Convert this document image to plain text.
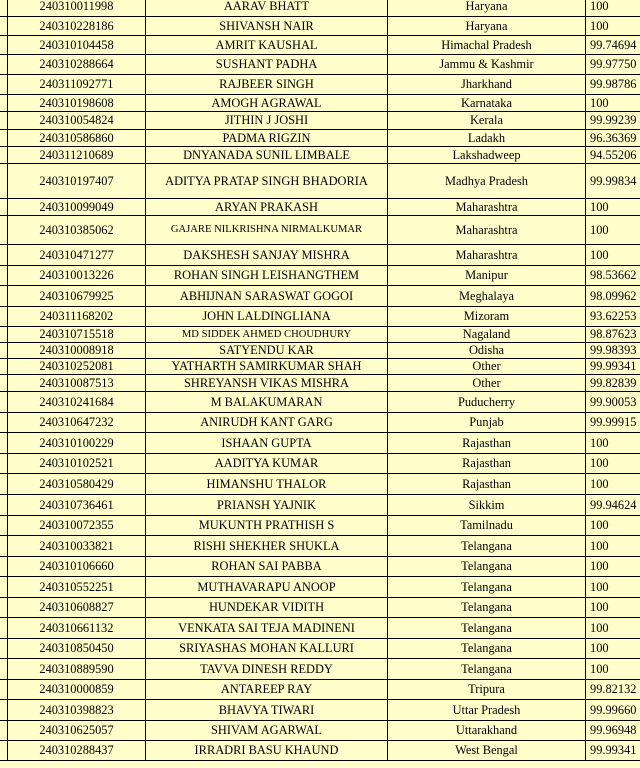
	240310011998	AARAV BHATT	Haryana	100
	240310228186	SHIVANSH NAIR	Haryana	100
	240310104458	AMRIT KAUSHAL	Himachal Pradesh	99.74694
	240310288664	SUSHANT PADHA	Jammu & Kashmir	99.97750
	240311092771	RAJBEER SINGH	Jharkhand	99.98786
	240310198608	AMOGH AGRAWAL	Karnataka	100
	240310054824	JITHIN J JOSHI	Kerala	99.99239
	240310586860	PADMA RIGZIN	Ladakh	96.36369
	240311210689	DNYANADA SUNIL LIMBALE	Lakshadweep	94.55206
	240310197407	ADITYA PRATAP SINGH BHADORIA	Madhya Pradesh	99.99834
	240310099049	ARYAN PRAKASH	Maharashtra	100
	240310385062	GAJARE NILKRISHNA NIRMALKUMAR	Maharashtra	100
	240310471277	DAKSHESH SANJAY MISHRA	Maharashtra	100
	240310013226	ROHAN SINGH LEISHANGTHEM	Manipur	98.53662
	240310679925	ABHIJNAN SARASWAT GOGOI	Meghalaya	98.09962
	240311168202	JOHN LALDINGLIANA	Mizoram	93.62253
	240310715518	MD SIDDEK AHMED CHOUDHURY	Nagaland	98.87623
	240310008918	SATYENDU KAR	Odisha	99.98393
	240310252081	YATHARTH SAMIRKUMAR SHAH	Other	99.99341
	240310087513	SHREYANSH VIKAS MISHRA	Other	99.82839
	240310241684	M BALAKUMARAN	Puducherry	99.90053
	240310647232	ANIRUDH KANT GARG	Punjab	99.99915
	240310100229	ISHAAN GUPTA	Rajasthan	100
	240310102521	AADITYA KUMAR	Rajasthan	100
	240310580429	HIMANSHU THALOR	Rajasthan	100
	240310736461	PRIANSH YAJNIK	Sikkim	99.94624
	240310072355	MUKUNTH PRATHISH S	Tamilnadu	100
	240310033821	RISHI SHEKHER SHUKLA	Telangana	100
	240310106660	ROHAN SAI PABBA	Telangana	100
	240310552251	MUTHAVARAPU ANOOP	Telangana	100
	240310608827	HUNDEKAR VIDITH	Telangana	100
	240310661132	VENKATA SAI TEJA MADINENI	Telangana	100
	240310850450	SRIYASHAS MOHAN KALLURI	Telangana	100
	240310889590	TAVVA DINESH REDDY	Telangana	100
	240310000859	ANTAREEP RAY	Tripura	99.82132
	240310398823	BHAVYA TIWARI	Uttar Pradesh	99.99660
	240310625057	SHIVAM AGARWAL	Uttarakhand	99.96948
	240310288437	IRRADRI BASU KHAUND	West Bengal	99.99341
